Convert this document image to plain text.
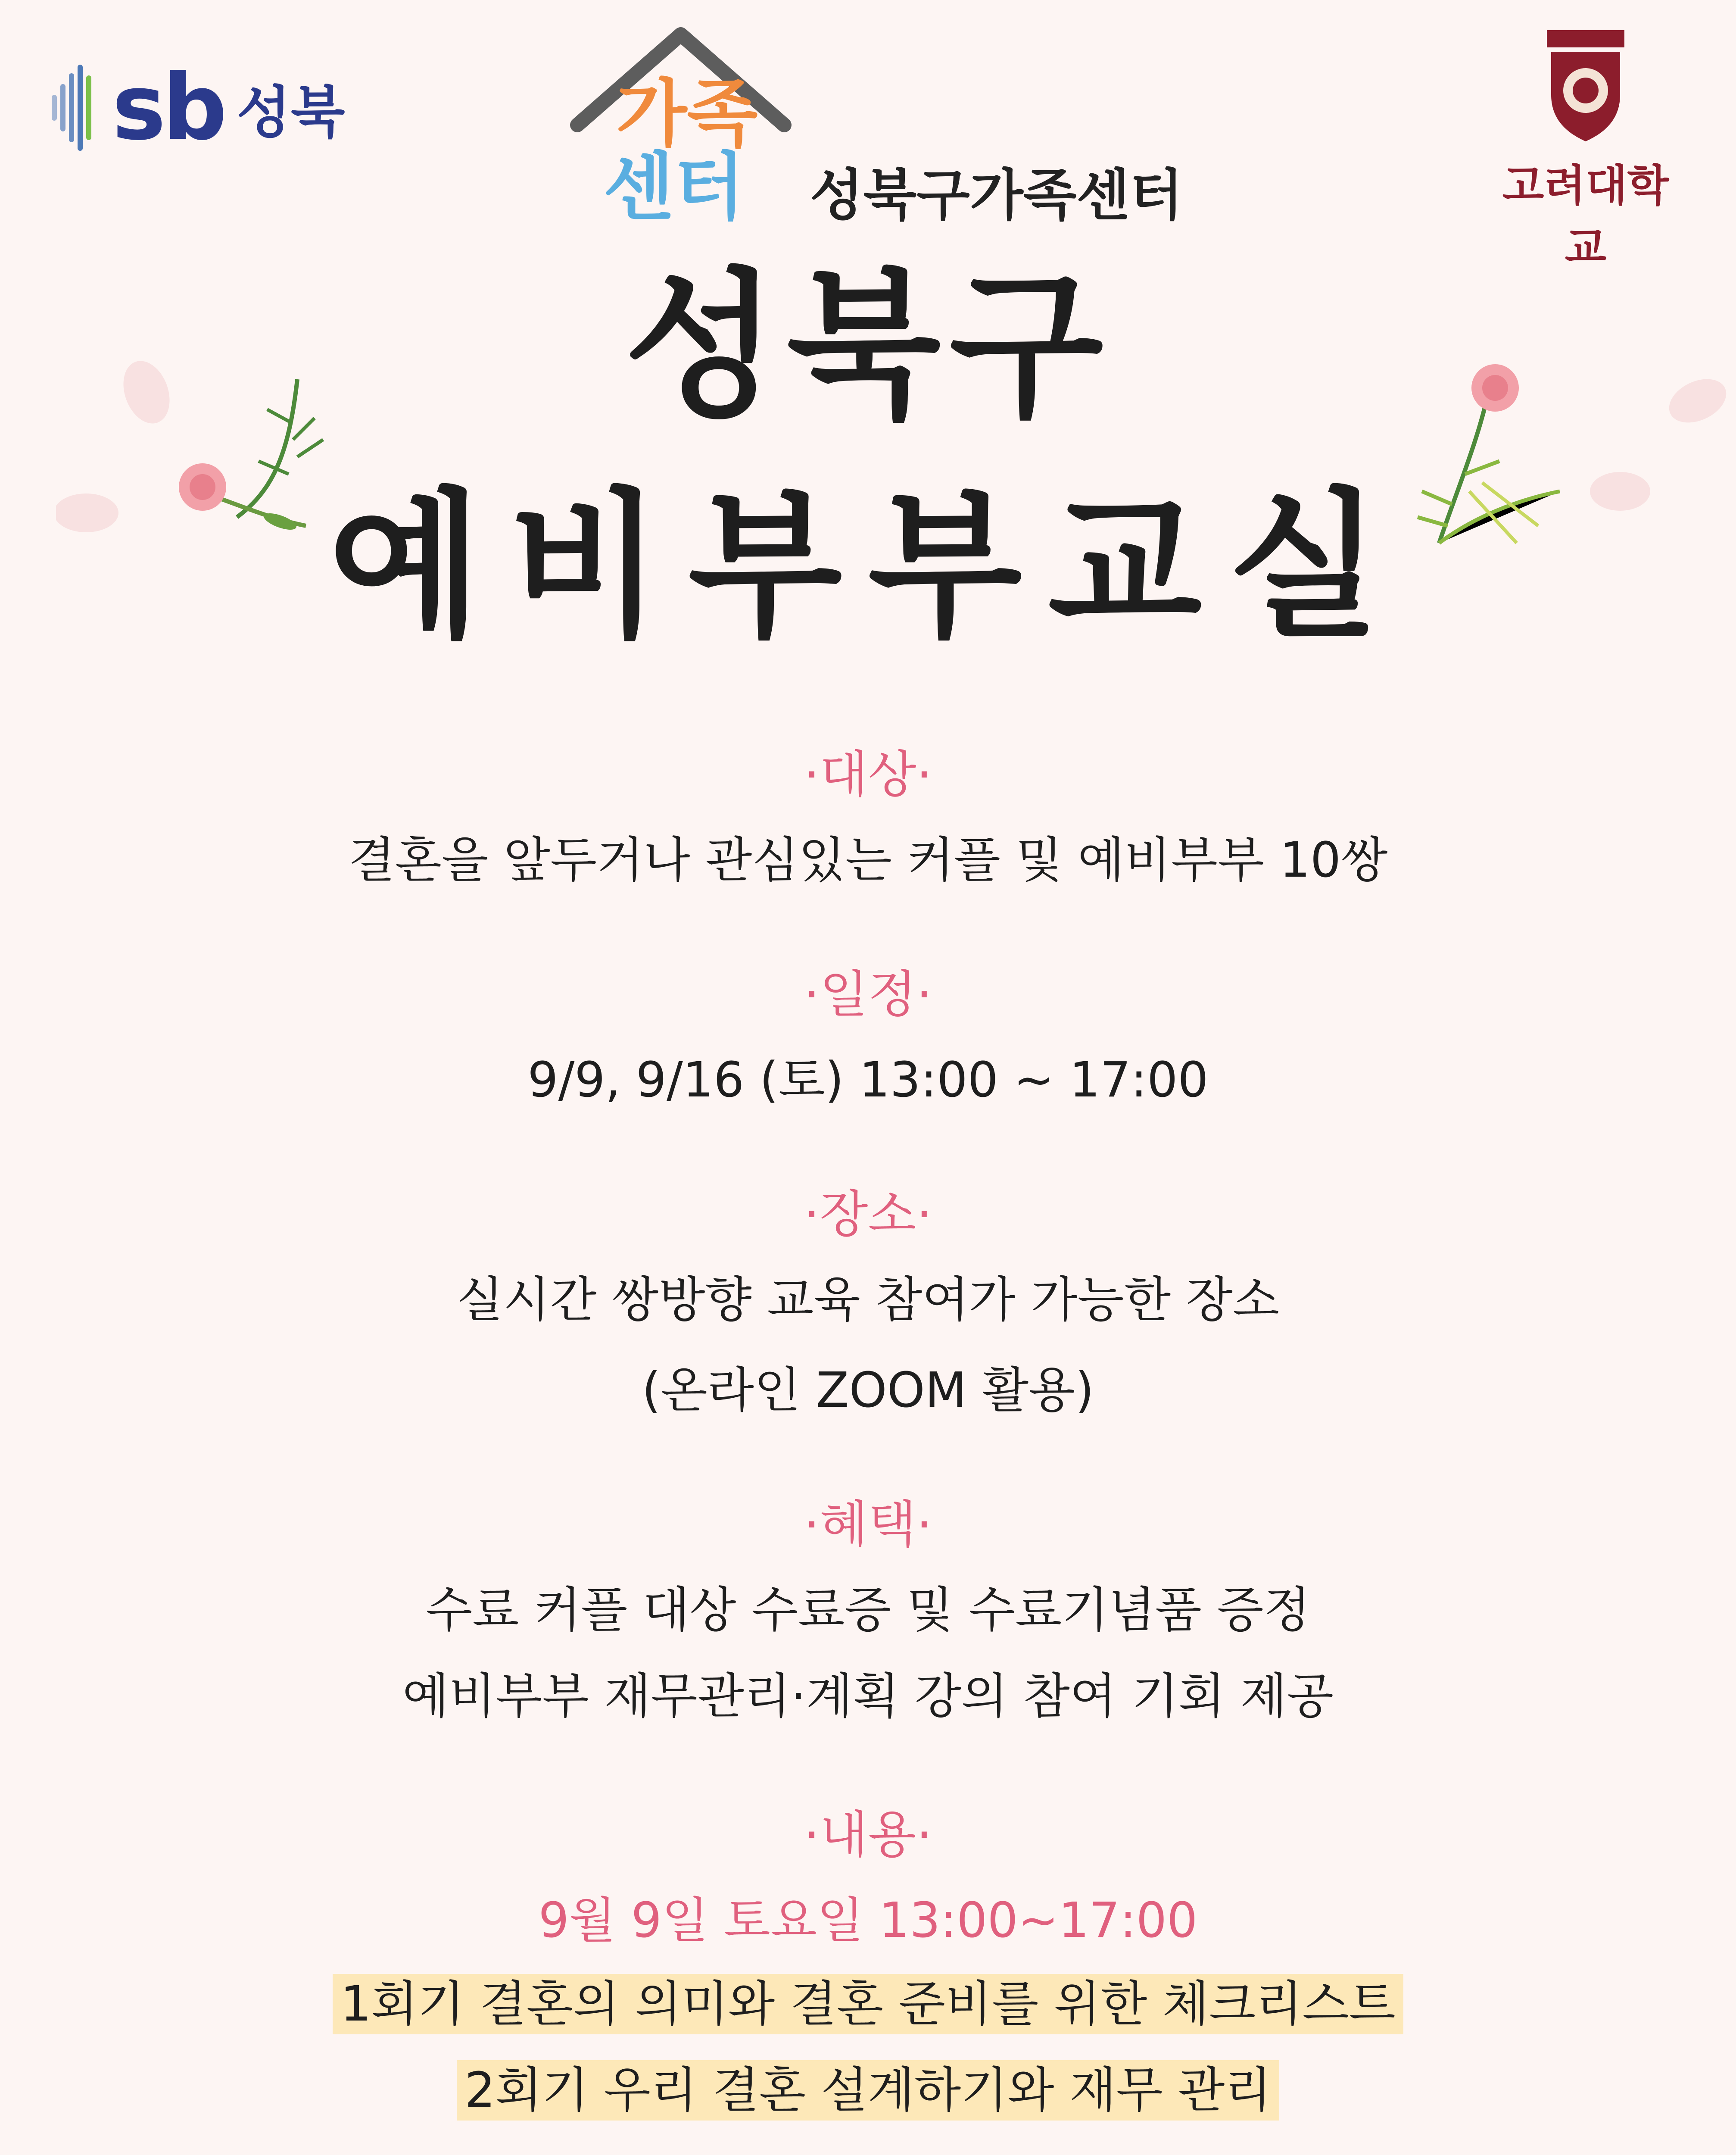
sb 성북	가족
센터 성북구가족센터	고려대학교
성북구
예비부부교실
·대상·
결혼을 앞두거나 관심있는 커플 및 예비부부 10쌍
·일정·
9/9, 9/16 (토) 13:00 ~ 17:00
·장소·
실시간 쌍방향 교육 참여가 가능한 장소
(온라인 ZOOM 활용)
·혜택·
수료 커플 대상 수료증 및 수료기념품 증정
예비부부 재무관리·계획 강의 참여 기회 제공
·내용·
9월 9일 토요일 13:00~17:00
1회기 결혼의 의미와 결혼 준비를 위한 체크리스트
2회기 우리 결혼 설계하기와 재무 관리
